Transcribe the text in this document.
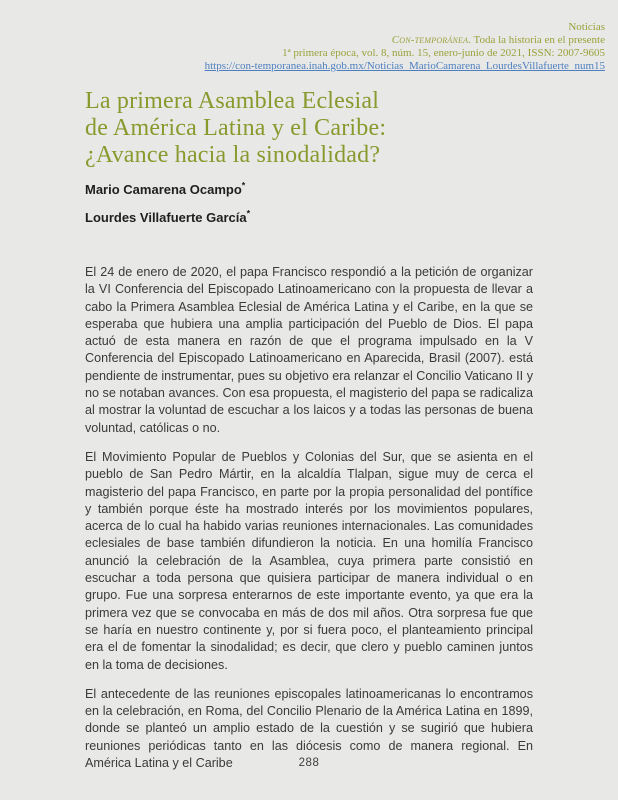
Noticias
Con-temporánea. Toda la historia en el presente
1ª primera época, vol. 8, núm. 15, enero-junio de 2021, ISSN: 2007-9605
https://con-temporanea.inah.gob.mx/Noticias_MarioCamarena_LourdesVillafuerte_num15
La primera Asamblea Eclesial
de América Latina y el Caribe:
¿Avance hacia la sinodalidad?
Mario Camarena Ocampo*
Lourdes Villafuerte García*

El 24 de enero de 2020, el papa Francisco respondió a la petición de organizar la VI Conferencia del Episcopado Latinoamericano con la propuesta de llevar a cabo la Primera Asamblea Eclesial de América Latina y el Caribe, en la que se esperaba que hubiera una amplia participación del Pueblo de Dios. El papa actuó de esta manera en razón de que el programa impulsado en la V Conferencia del Episcopado Latinoamericano en Aparecida, Brasil (2007). está pendiente de instrumentar, pues su objetivo era relanzar el Concilio Vaticano II y no se notaban avances. Con esa propuesta, el magisterio del papa se radicaliza al mostrar la voluntad de escuchar a los laicos y a todas las personas de buena voluntad, católicas o no.

El Movimiento Popular de Pueblos y Colonias del Sur, que se asienta en el pueblo de San Pedro Mártir, en la alcaldía Tlalpan, sigue muy de cerca el magisterio del papa Francisco, en parte por la propia personalidad del pontífice y también porque éste ha mostrado interés por los movimientos populares, acerca de lo cual ha habido varias reuniones internacionales. Las comunidades eclesiales de base también difundieron la noticia. En una homilía Francisco anunció la celebración de la Asamblea, cuya primera parte consistió en escuchar a toda persona que quisiera participar de manera individual o en grupo. Fue una sorpresa enterarnos de este importante evento, ya que era la primera vez que se convocaba en más de dos mil años. Otra sorpresa fue que se haría en nuestro continente y, por si fuera poco, el planteamiento principal era el de fomentar la sinodalidad; es decir, que clero y pueblo caminen juntos en la toma de decisiones.

El antecedente de las reuniones episcopales latinoamericanas lo encontramos en la celebración, en Roma, del Concilio Plenario de la América Latina en 1899, donde se planteó un amplio estado de la cuestión y se sugirió que hubiera reuniones periódicas tanto en las diócesis como de manera regional. En América Latina y el Caribe	288
